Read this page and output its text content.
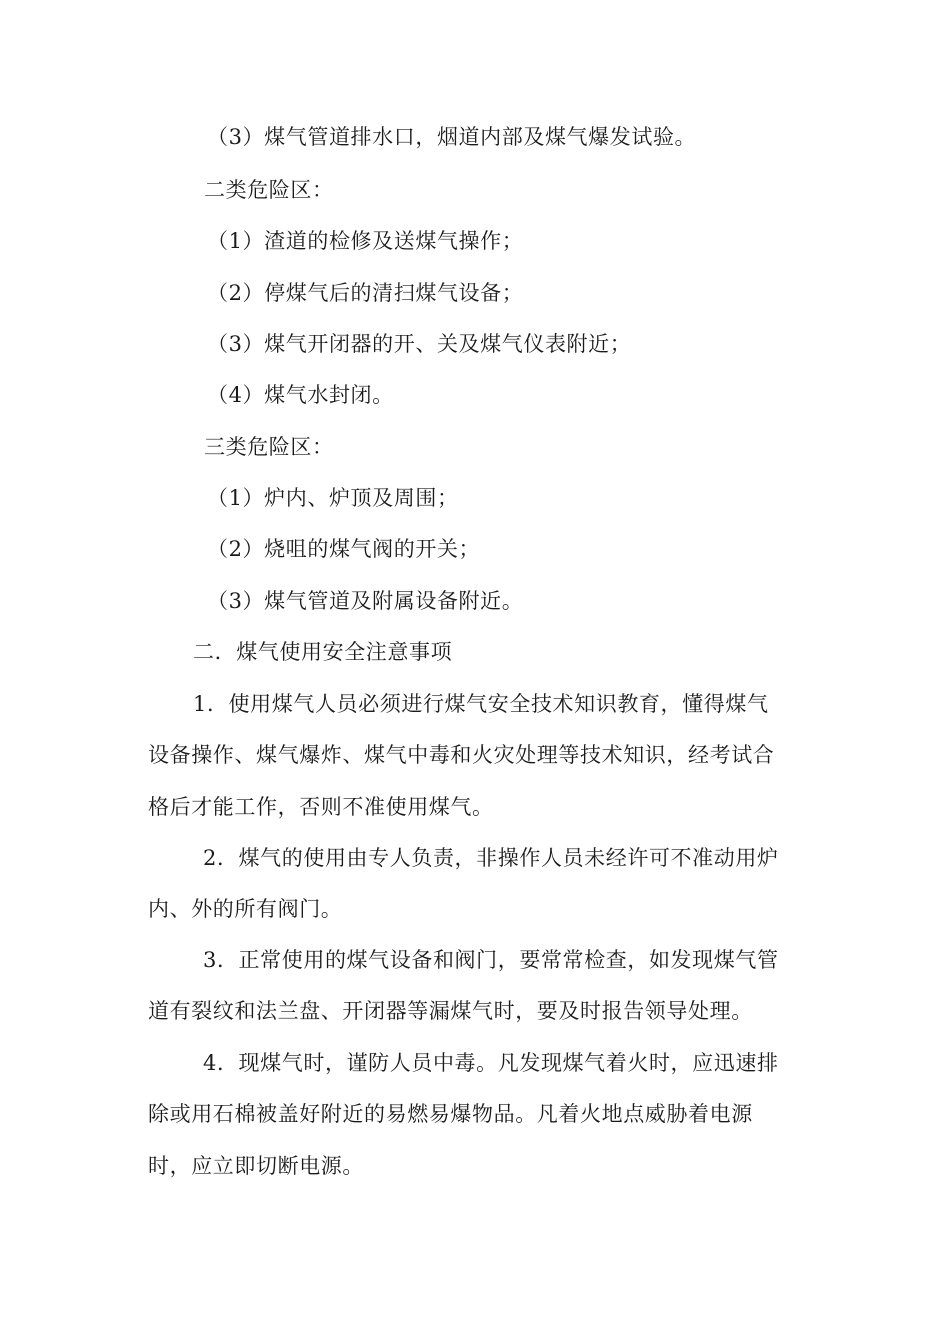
（3）煤气管道排水口，烟道内部及煤气爆发试验。
二类危险区：
（1）渣道的检修及送煤气操作；
（2）停煤气后的清扫煤气设备；
（3）煤气开闭器的开、关及煤气仪表附近；
（4）煤气水封闭。
三类危险区：
（1）炉内、炉顶及周围；
（2）烧咀的煤气阀的开关；
（3）煤气管道及附属设备附近。
二．煤气使用安全注意事项
1．使用煤气人员必须进行煤气安全技术知识教育，懂得煤气
设备操作、煤气爆炸、煤气中毒和火灾处理等技术知识，经考试合
格后才能工作，否则不准使用煤气。
2．煤气的使用由专人负责，非操作人员未经许可不准动用炉
内、外的所有阀门。
3．正常使用的煤气设备和阀门，要常常检查，如发现煤气管
道有裂纹和法兰盘、开闭器等漏煤气时，要及时报告领导处理。
4．现煤气时，谨防人员中毒。凡发现煤气着火时，应迅速排
除或用石棉被盖好附近的易燃易爆物品。凡着火地点威胁着电源
时，应立即切断电源。
